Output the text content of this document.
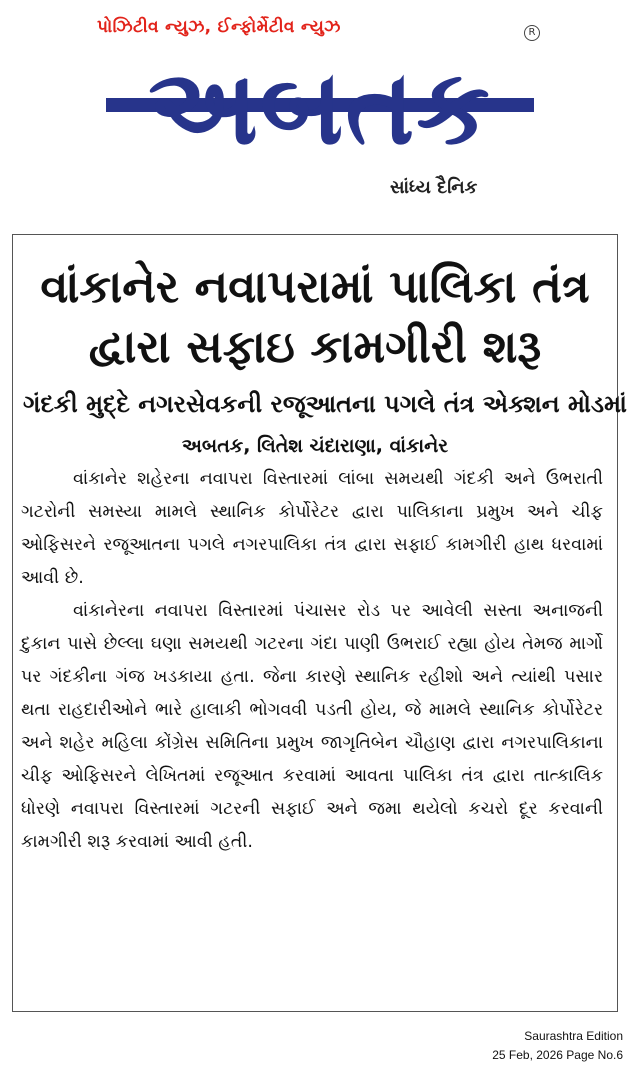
પોઝિટીવ ન્યુઝ, ઈન્ફોર્મેટીવ ન્યુઝ	R
અબતક
સાંધ્ય દૈનિક
વાંકાનેર નવાપરામાં પાલિકા તંત્ર દ્વારા સફાઇ કામગીરી શરૂ
ગંદકી મુદ્દે નગરસેવકની રજૂઆતના પગલે તંત્ર એક્શન મોડમાં
અબતક, લિતેશ ચંદારાણા, વાંકાનેર

વાંકાનેર શહેરના નવાપરા વિસ્તારમાં લાંબા સમયથી ગંદકી અને ઉભરાતી ગટરોની સમસ્યા મામલે સ્થાનિક કોર્પોરેટર દ્વારા પાલિકાના પ્રમુખ અને ચીફ ઓફિસરને રજૂઆતના પગલે નગરપાલિકા તંત્ર દ્વારા સફાઈ કામગીરી હાથ ધરવામાં આવી છે.

વાંકાનેરના નવાપરા વિસ્તારમાં પંચાસર રોડ પર આવેલી સસ્તા અનાજની દુકાન પાસે છેલ્લા ઘણા સમયથી ગટરના ગંદા પાણી ઉભરાઈ રહ્યા હોય તેમજ માર્ગો પર ગંદકીના ગંજ ખડકાયા હતા. જેના કારણે સ્થાનિક રહીશો અને ત્યાંથી પસાર થતા રાહદારીઓને ભારે હાલાકી ભોગવવી પડતી હોય, જે મામલે સ્થાનિક કોર્પોરેટર અને શહેર મહિલા કોંગ્રેસ સમિતિના પ્રમુખ જાગૃતિબેન ચૌહાણ દ્વારા નગરપાલિકાના ચીફ ઓફિસરને લેખિતમાં રજૂઆત કરવામાં આવતા પાલિકા તંત્ર દ્વારા તાત્કાલિક ધોરણે નવાપરા વિસ્તારમાં ગટરની સફાઈ અને જમા થયેલો કચરો દૂર કરવાની કામગીરી શરૂ કરવામાં આવી હતી.

Saurashtra Edition
25 Feb, 2026 Page No.6
